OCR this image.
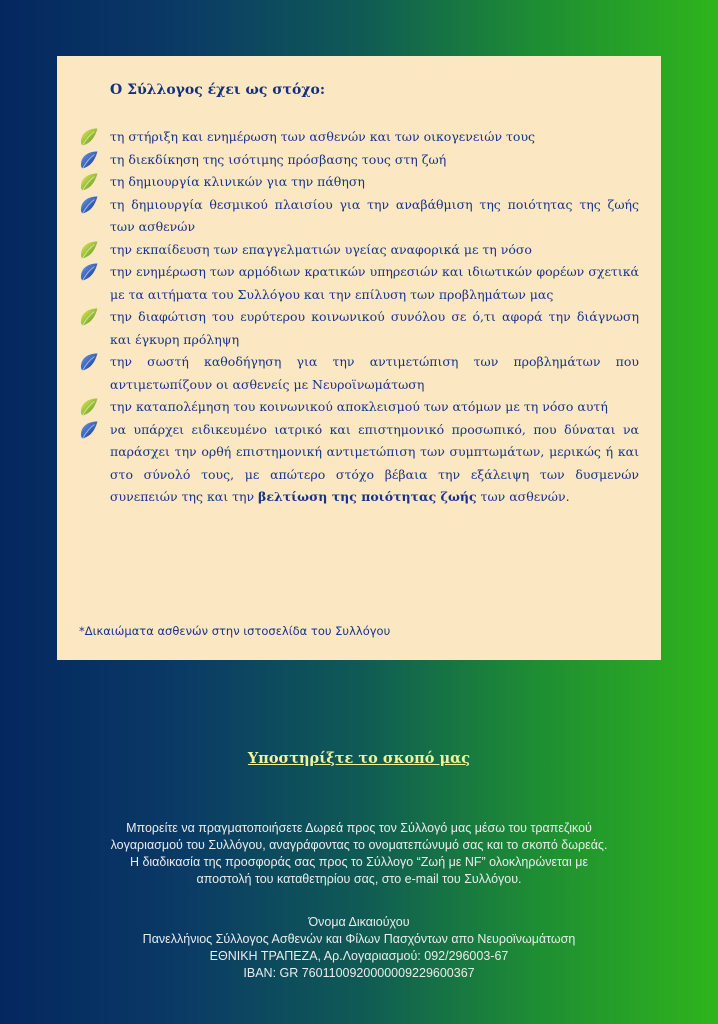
Ο Σύλλογος έχει ως στόχο:

τη στήριξη και ενημέρωση των ασθενών και των οικογενειών τους

τη διεκδίκηση της ισότιμης πρόσβασης τους στη ζωή

τη δημιουργία κλινικών για την πάθηση

τη δημιουργία θεσμικού πλαισίου για την αναβάθμιση της ποιότητας της ζωής των ασθενών

την εκπαίδευση των επαγγελματιών υγείας αναφορικά με τη νόσο

την ενημέρωση των αρμόδιων κρατικών υπηρεσιών και ιδιωτικών φορέων σχετικά με τα αιτήματα του Συλλόγου και την επίλυση των προβλημάτων μας

την διαφώτιση του ευρύτερου κοινωνικού συνόλου σε ό,τι αφορά την διάγνωση και έγκυρη πρόληψη

την σωστή καθοδήγηση για την αντιμετώπιση των προβλημάτων που αντιμετωπίζουν οι ασθενείς με Νευροϊνωμάτωση

την καταπολέμηση του κοινωνικού αποκλεισμού των ατόμων με τη νόσο αυτή

να υπάρχει ειδικευμένο ιατρικό και επιστημονικό προσωπικό, που δύναται να παράσχει την ορθή επιστημονική αντιμετώπιση των συμπτωμάτων, μερικώς ή και στο σύνολό τους, με απώτερο στόχο βέβαια την εξάλειψη των δυσμενών συνεπειών της και την βελτίωση της ποιότητας ζωής των ασθενών.

*Δικαιώματα ασθενών στην ιστοσελίδα του Συλλόγου

Υποστηρίξτε το σκοπό μας

Μπορείτε να πραγματοποιήσετε Δωρεά προς τον Σύλλογό μας μέσω του τραπεζικού
λογαριασμού του Συλλόγου, αναγράφοντας το ονοματεπώνυμό σας και το σκοπό δωρεάς.
Η διαδικασία της προσφοράς σας προς το Σύλλογο “Ζωή με NF” ολοκληρώνεται με
αποστολή του καταθετηρίου σας, στο e-mail του Συλλόγου.

Όνομα Δικαιούχου
Πανελλήνιος Σύλλογος Ασθενών και Φίλων Πασχόντων απο Νευροϊνωμάτωση
ΕΘΝΙΚΗ ΤΡΑΠΕΖΑ, Αρ.Λογαριασμού: 092/296003-67
IBAN: GR 7601100920000009229600367
